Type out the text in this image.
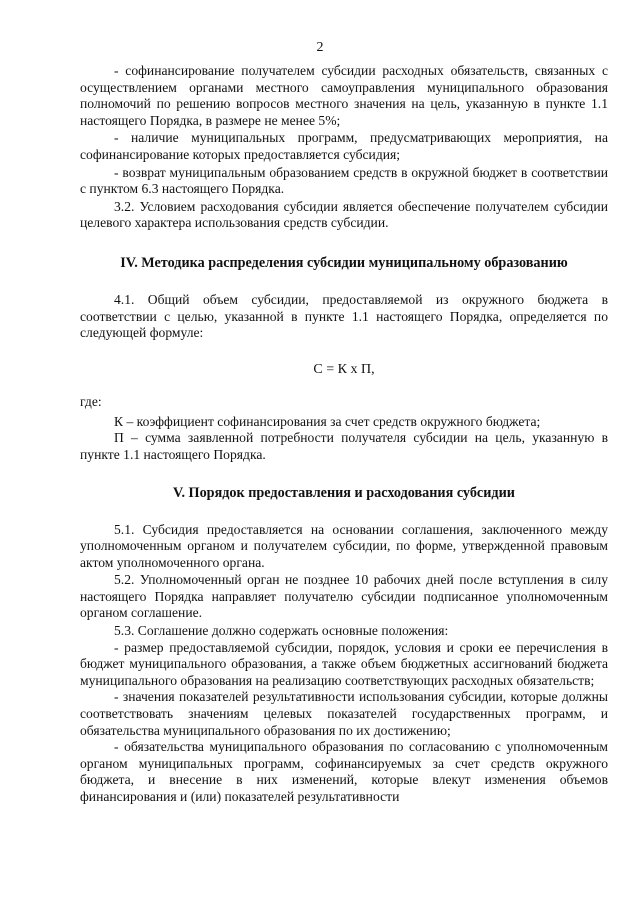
2

- софинансирование получателем субсидии расходных обязательств, связанных с осуществлением органами местного самоуправления муниципального образования полномочий по решению вопросов местного значения на цель, указанную в пункте 1.1 настоящего Порядка, в размере не менее 5%;

- наличие муниципальных программ, предусматривающих мероприятия, на софинансирование которых предоставляется субсидия;

- возврат муниципальным образованием средств в окружной бюджет в соответствии с пунктом 6.3 настоящего Порядка.

3.2. Условием расходования субсидии является обеспечение получателем субсидии целевого характера использования средств субсидии.

IV. Методика распределения субсидии муниципальному образованию

4.1. Общий объем субсидии, предоставляемой из окружного бюджета в соответствии с целью, указанной в пункте 1.1 настоящего Порядка, определяется по следующей формуле:

С = К х П,
где:

К – коэффициент софинансирования за счет средств окружного бюджета;

П – сумма заявленной потребности получателя субсидии на цель, указанную в пункте 1.1 настоящего Порядка.

V. Порядок предоставления и расходования субсидии

5.1. Субсидия предоставляется на основании соглашения, заключенного между уполномоченным органом и получателем субсидии, по форме, утвержденной правовым актом уполномоченного органа.

5.2. Уполномоченный орган не позднее 10 рабочих дней после вступления в силу настоящего Порядка направляет получателю субсидии подписанное уполномоченным органом соглашение.

5.3. Соглашение должно содержать основные положения:

- размер предоставляемой субсидии, порядок, условия и сроки ее перечисления в бюджет муниципального образования, а также объем бюджетных ассигнований бюджета муниципального образования на реализацию соответствующих расходных обязательств;

- значения показателей результативности использования субсидии, которые должны соответствовать значениям целевых показателей государственных программ, и обязательства муниципального образования по их достижению;

- обязательства муниципального образования по согласованию с уполномоченным органом муниципальных программ, софинансируемых за счет средств окружного бюджета, и внесение в них изменений, которые влекут изменения объемов финансирования и (или) показателей результативности
